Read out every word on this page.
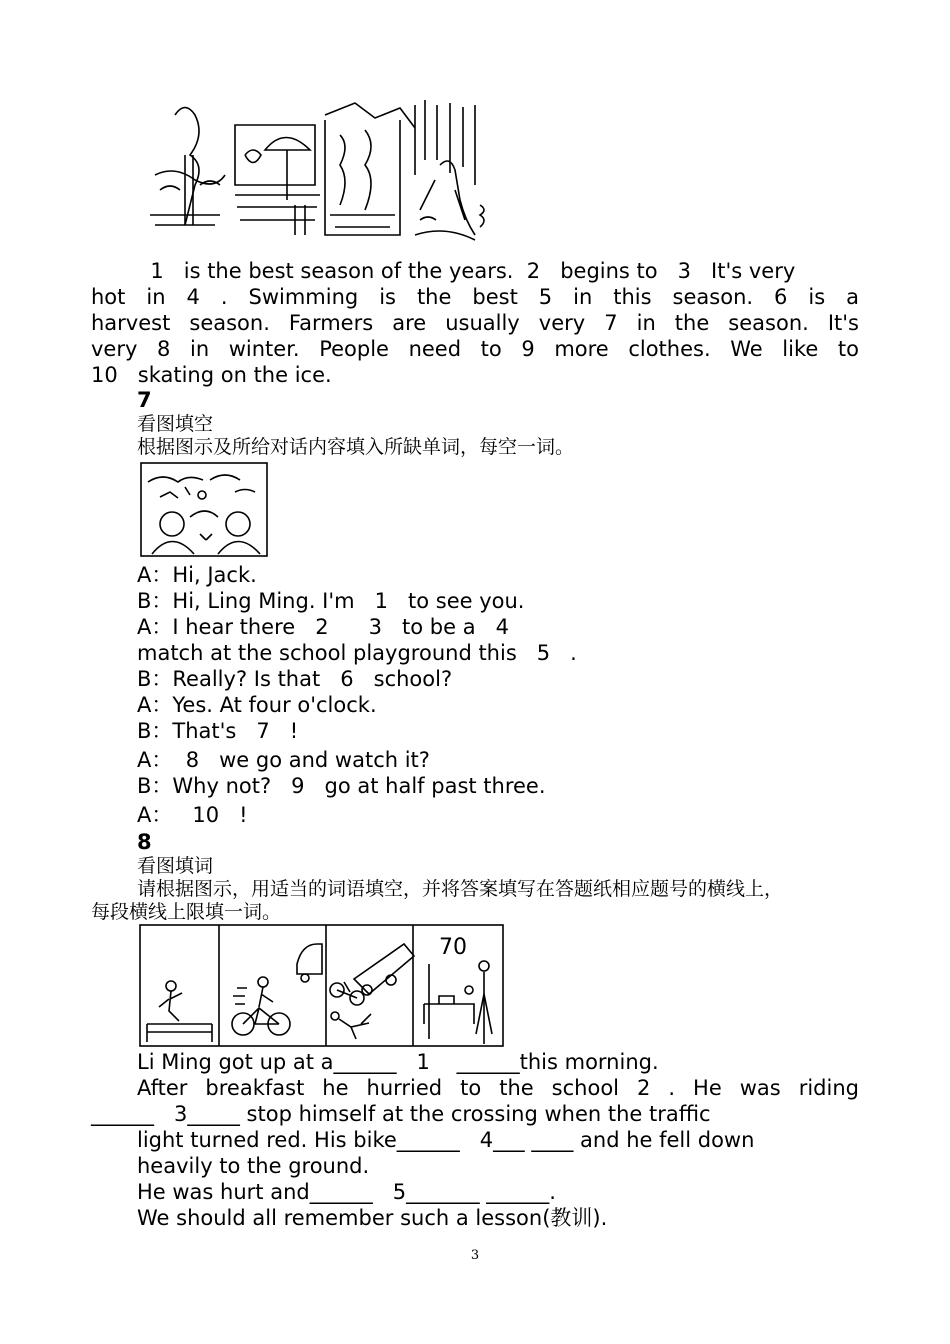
1   is the best season of the years.  2   begins to   3   It's very
hot in 4 . Swimming is the best 5 in this season. 6 is a
harvest season. Farmers are usually very 7 in the season. It's
very 8 in winter. People need to 9 more clothes. We like to
10   skating on the ice.
7
看图填空
根据图示及所给对话内容填入所缺单词，每空一词。
A：Hi, Jack.
B：Hi, Ling Ming. I'm   1   to see you.
A：I hear there   2      3   to be a   4
match at the school playground this   5   .
B：Really? Is that   6   school?
A：Yes. At four o'clock.
B：That's   7   !
A：  8   we go and watch it?
B：Why not?   9   go at half past three.
A：   10   !
8
看图填词
请根据图示，用适当的词语填空，并将答案填写在答题纸相应题号的横线上，
每段横线上限填一词。
70
Li Ming got up at a______   1    ______this morning.
After breakfast he hurried to the school 2 . He was riding
______   3_____ stop himself at the crossing when the traffic
light turned red. His bike______   4___ ____ and he fell down
heavily to the ground.
He was hurt and______   5_______ ______.
We should all remember such a lesson(教训).
3
